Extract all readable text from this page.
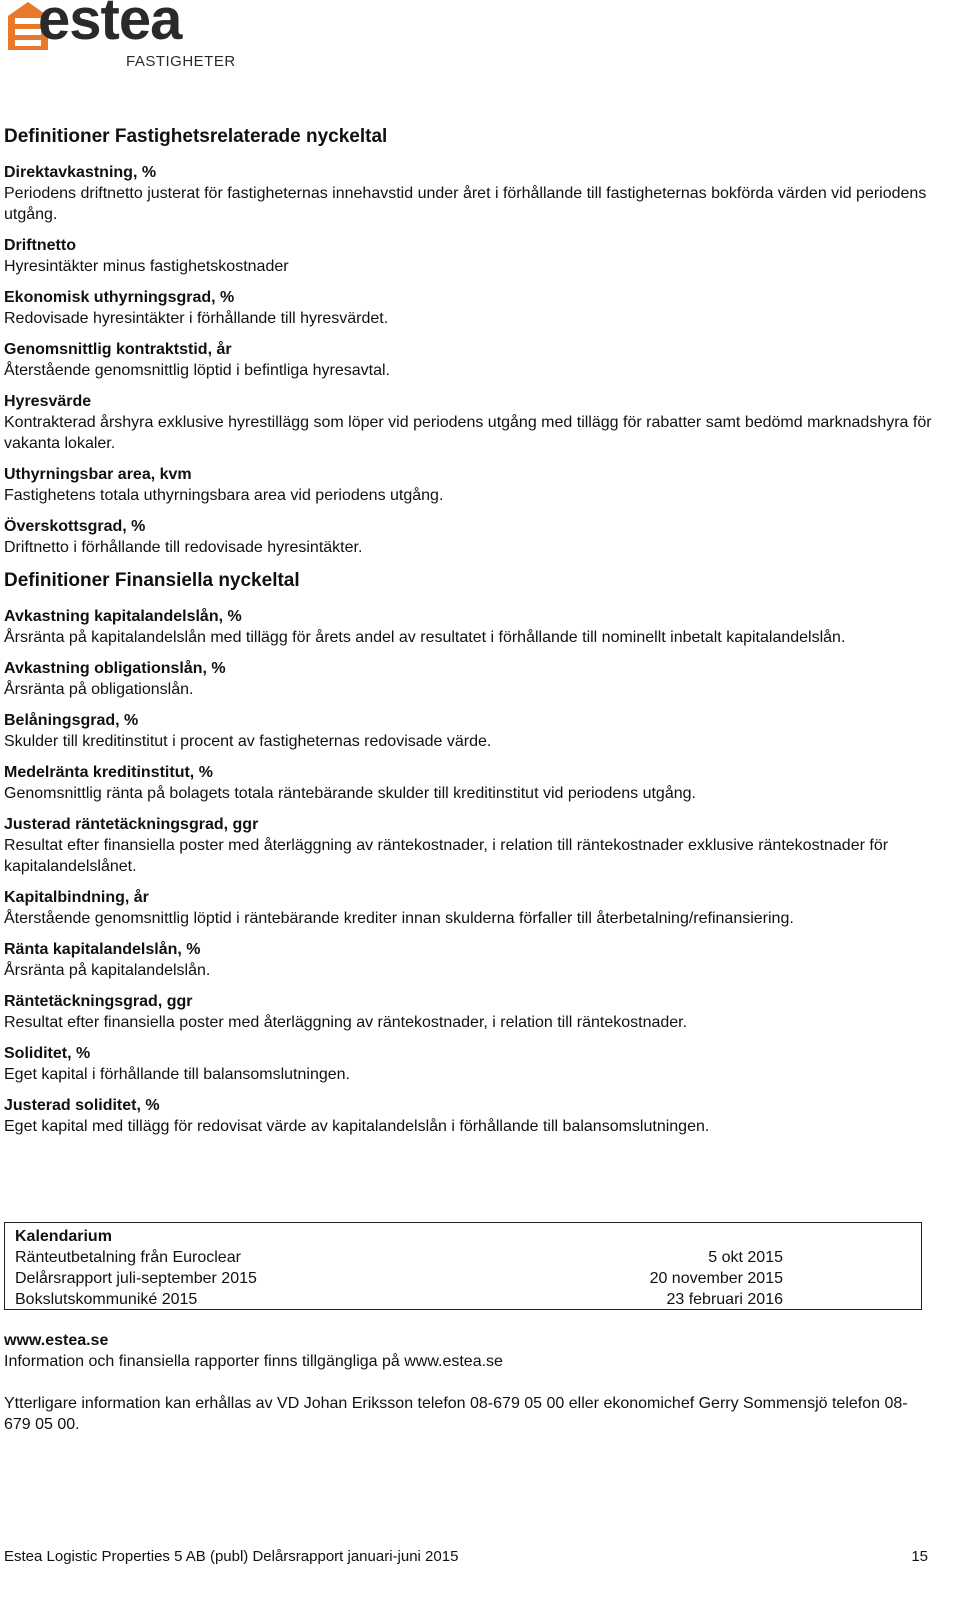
estea
FASTIGHETER
Definitioner Fastighetsrelaterade nyckeltal
Direktavkastning, %
Periodens driftnetto justerat för fastigheternas innehavstid under året i förhållande till fastigheternas bokförda värden vid periodens utgång.
Driftnetto
Hyresintäkter minus fastighetskostnader
Ekonomisk uthyrningsgrad, %
Redovisade hyresintäkter i förhållande till hyresvärdet.
Genomsnittlig kontraktstid, år
Återstående genomsnittlig löptid i befintliga hyresavtal.
Hyresvärde
Kontrakterad årshyra exklusive hyrestillägg som löper vid periodens utgång med tillägg för rabatter samt bedömd marknadshyra för vakanta lokaler.
Uthyrningsbar area, kvm
Fastighetens totala uthyrningsbara area vid periodens utgång.
Överskottsgrad, %
Driftnetto i förhållande till redovisade hyresintäkter.
Definitioner Finansiella nyckeltal
Avkastning kapitalandelslån, %
Årsränta på kapitalandelslån med tillägg för årets andel av resultatet i förhållande till nominellt inbetalt kapitalandelslån.
Avkastning obligationslån, %
Årsränta på obligationslån.
Belåningsgrad, %
Skulder till kreditinstitut i procent av fastigheternas redovisade värde.
Medelränta kreditinstitut, %
Genomsnittlig ränta på bolagets totala räntebärande skulder till kreditinstitut vid periodens utgång.
Justerad räntetäckningsgrad, ggr
Resultat efter finansiella poster med återläggning av räntekostnader, i relation till räntekostnader exklusive räntekostnader för kapitalandelslånet.
Kapitalbindning, år
Återstående genomsnittlig löptid i räntebärande krediter innan skulderna förfaller till återbetalning/refinansiering.
Ränta kapitalandelslån, %
Årsränta på kapitalandelslån.
Räntetäckningsgrad, ggr
Resultat efter finansiella poster med återläggning av räntekostnader, i relation till räntekostnader.
Soliditet, %
Eget kapital i förhållande till balansomslutningen.
Justerad soliditet, %
Eget kapital med tillägg för redovisat värde av kapitalandelslån i förhållande till balansomslutningen.
Kalendarium
Ränteutbetalning från Euroclear	5 okt 2015
Delårsrapport juli-september 2015	20 november 2015
Bokslutskommuniké 2015	23 februari 2016
www.estea.se
Information och finansiella rapporter finns tillgängliga på www.estea.se
Ytterligare information kan erhållas av VD Johan Eriksson telefon 08-679 05 00 eller ekonomichef Gerry Sommensjö telefon 08-679 05 00.
Estea Logistic Properties 5 AB (publ) Delårsrapport januari-juni 2015	15
